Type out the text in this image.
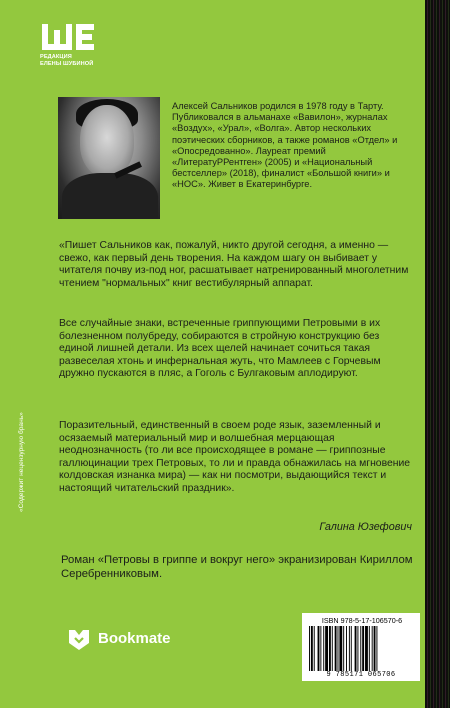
РЕДАКЦИЯ
ЕЛЕНЫ ШУБИНОЙ

Алексей Сальников родился в 1978 году в Тарту. Публиковался в альманахе «Вавилон», журналах «Воздух», «Урал», «Волга». Автор нескольких поэтических сборников, а также романов «Отдел» и «Опосредованно». Лауреат премий «ЛитератуРРентген» (2005) и «Национальный бестселлер» (2018), финалист «Большой книги» и «НОС». Живет в Екатеринбурге.

«Пишет Сальников как, пожалуй, никто другой сегодня, а именно — свежо, как первый день творения. На каждом шагу он выбивает у читателя почву из-под ног, расшатывает натренированный многолетним чтением "нормальных" книг вестибулярный аппарат.

Все случайные знаки, встреченные гриппующими Петровыми в их болезненном полубреду, собираются в стройную конструкцию без единой лишней детали. Из всех щелей начинает сочиться такая развеселая хтонь и инфернальная жуть, что Мамлеев с Горчевым дружно пускаются в пляс, а Гоголь с Булгаковым аплодируют.

Поразительный, единственный в своем роде язык, заземленный и осязаемый материальный мир и волшебная мерцающая неоднозначность (то ли все происходящее в романе — гриппозные галлюцинации трех Петровых, то ли и правда обнажилась на мгновение колдовская изнанка мира) — как ни посмотри, выдающийся текст и настоящий читательский праздник».

Галина Юзефович

Роман «Петровы в гриппе и вокруг него» экранизирован Кириллом Серебренниковым.

«Содержит нецензурную брань»
Bookmate
ISBN 978-5-17-106570-6
9 785171 065706
